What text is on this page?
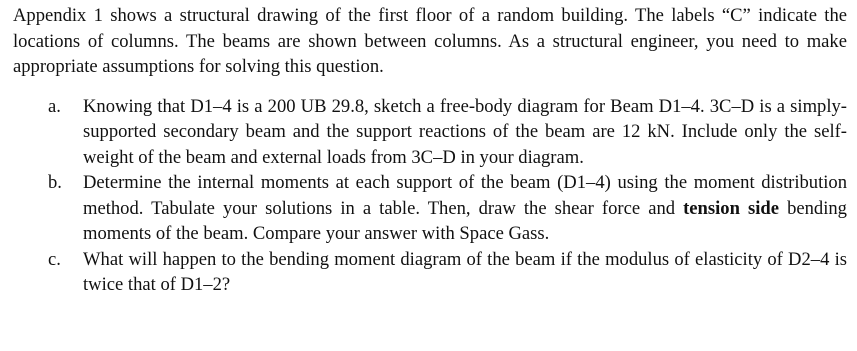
Appendix 1 shows a structural drawing of the first floor of a random building. The labels “C” indicate the locations of columns. The beams are shown between columns. As a structural engineer, you need to make appropriate assumptions for solving this question.

a. Knowing that D1–4 is a 200 UB 29.8, sketch a free-body diagram for Beam D1–4. 3C–D is a simply-supported secondary beam and the support reactions of the beam are 12 kN. Include only the self-weight of the beam and external loads from 3C–D in your diagram.
b. Determine the internal moments at each support of the beam (D1–4) using the moment distribution method. Tabulate your solutions in a table. Then, draw the shear force and tension side bending moments of the beam. Compare your answer with Space Gass.
c. What will happen to the bending moment diagram of the beam if the modulus of elasticity of D2–4 is twice that of D1–2?
